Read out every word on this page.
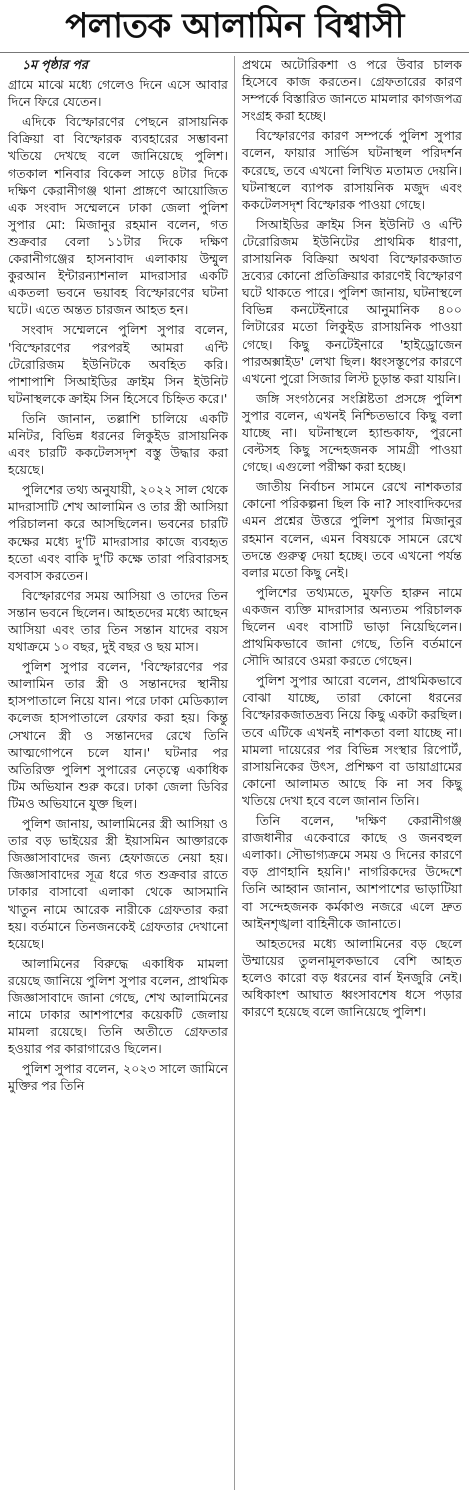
পলাতক আলামিন বিশ্বাসী

১ম পৃষ্ঠার পর

গ্রামে মাঝে মধ্যে গেলেও দিনে এসে আবার দিনে ফিরে যেতেন।

এদিকে বিস্ফোরণের পেছনে রাসায়নিক বিক্রিয়া বা বিস্ফোরক ব্যবহারের সম্ভাবনা খতিয়ে দেখছে বলে জানিয়েছে পুলিশ। গতকাল শনিবার বিকেল সাড়ে ৪টার দিকে দক্ষিণ কেরানীগঞ্জ থানা প্রাঙ্গণে আয়োজিত এক সংবাদ সম্মেলনে ঢাকা জেলা পুলিশ সুপার মো: মিজানুর রহমান বলেন, গত শুক্রবার বেলা ১১টার দিকে দক্ষিণ কেরানীগঞ্জের হাসনাবাদ এলাকায় উম্মুল কুরআন ইন্টারন্যাশনাল মাদরাসার একটি একতলা ভবনে ভয়াবহ বিস্ফোরণের ঘটনা ঘটে। এতে অন্তত চারজন আহত হন।

সংবাদ সম্মেলনে পুলিশ সুপার বলেন, 'বিস্ফোরণের পরপরই আমরা এন্টি টেরোরিজম ইউনিটকে অবহিত করি। পাশাপাশি সিআইডির ক্রাইম সিন ইউনিট ঘটনাস্থলকে ক্রাইম সিন হিসেবে চিহ্নিত করে।'

তিনি জানান, তল্লাশি চালিয়ে একটি মনিটর, বিভিন্ন ধরনের লিকুইড রাসায়নিক এবং চারটি ককটেলসদৃশ বস্তু উদ্ধার করা হয়েছে।

পুলিশের তথ্য অনুযায়ী, ২০২২ সাল থেকে মাদরাসাটি শেখ আলামিন ও তার স্ত্রী আসিয়া পরিচালনা করে আসছিলেন। ভবনের চারটি কক্ষের মধ্যে দু'টি মাদরাসার কাজে ব্যবহৃত হতো এবং বাকি দু'টি কক্ষে তারা পরিবারসহ বসবাস করতেন।

বিস্ফোরণের সময় আসিয়া ও তাদের তিন সন্তান ভবনে ছিলেন। আহতদের মধ্যে আছেন আসিয়া এবং তার তিন সন্তান যাদের বয়স যথাক্রমে ১০ বছর, দুই বছর ও ছয় মাস।

পুলিশ সুপার বলেন, 'বিস্ফোরণের পর আলামিন তার স্ত্রী ও সন্তানদের স্থানীয় হাসপাতালে নিয়ে যান। পরে ঢাকা মেডিক্যাল কলেজ হাসপাতালে রেফার করা হয়। কিন্তু সেখানে স্ত্রী ও সন্তানদের রেখে তিনি আত্মগোপনে চলে যান।' ঘটনার পর অতিরিক্ত পুলিশ সুপারের নেতৃত্বে একাধিক টিম অভিযান শুরু করে। ঢাকা জেলা ডিবির টিমও অভিযানে যুক্ত ছিল।

পুলিশ জানায়, আলামিনের স্ত্রী আসিয়া ও তার বড় ভাইয়ের স্ত্রী ইয়াসমিন আক্তারকে জিজ্ঞাসাবাদের জন্য হেফাজতে নেয়া হয়। জিজ্ঞাসাবাদের সূত্র ধরে গত শুক্রবার রাতে ঢাকার বাসাবো এলাকা থেকে আসমানি খাতুন নামে আরেক নারীকে গ্রেফতার করা হয়। বর্তমানে তিনজনকেই গ্রেফতার দেখানো হয়েছে।

আলামিনের বিরুদ্ধে একাধিক মামলা রয়েছে জানিয়ে পুলিশ সুপার বলেন, প্রাথমিক জিজ্ঞাসাবাদে জানা গেছে, শেখ আলামিনের নামে ঢাকার আশপাশের কয়েকটি জেলায় মামলা রয়েছে। তিনি অতীতে গ্রেফতার হওয়ার পর কারাগারেও ছিলেন।

পুলিশ সুপার বলেন, ২০২৩ সালে জামিনে মুক্তির পর তিনি

প্রথমে অটোরিকশা ও পরে উবার চালক হিসেবে কাজ করতেন। গ্রেফতারের কারণ সম্পর্কে বিস্তারিত জানতে মামলার কাগজপত্র সংগ্রহ করা হচ্ছে।

বিস্ফোরণের কারণ সম্পর্কে পুলিশ সুপার বলেন, ফায়ার সার্ভিস ঘটনাস্থল পরিদর্শন করেছে, তবে এখনো লিখিত মতামত দেয়নি। ঘটনাস্থলে ব্যাপক রাসায়নিক মজুদ এবং ককটেলসদৃশ বিস্ফোরক পাওয়া গেছে।

সিআইডির ক্রাইম সিন ইউনিট ও এন্টি টেরোরিজম ইউনিটের প্রাথমিক ধারণা, রাসায়নিক বিক্রিয়া অথবা বিস্ফোরকজাত দ্রব্যের কোনো প্রতিক্রিয়ার কারণেই বিস্ফোরণ ঘটে থাকতে পারে। পুলিশ জানায়, ঘটনাস্থলে বিভিন্ন কনটেইনারে আনুমানিক ৪০০ লিটারের মতো লিকুইড রাসায়নিক পাওয়া গেছে। কিছু কনটেইনারে 'হাইড্রোজেন পারঅক্সাইড' লেখা ছিল। ধ্বংসস্তূপের কারণে এখনো পুরো সিজার লিস্ট চূড়ান্ত করা যায়নি।

জঙ্গি সংগঠনের সংশ্লিষ্টতা প্রসঙ্গে পুলিশ সুপার বলেন, এখনই নিশ্চিতভাবে কিছু বলা যাচ্ছে না। ঘটনাস্থলে হ্যান্ডকাফ, পুরনো বেল্টসহ কিছু সন্দেহজনক সামগ্রী পাওয়া গেছে। এগুলো পরীক্ষা করা হচ্ছে।

জাতীয় নির্বাচন সামনে রেখে নাশকতার কোনো পরিকল্পনা ছিল কি না? সাংবাদিকদের এমন প্রশ্নের উত্তরে পুলিশ সুপার মিজানুর রহমান বলেন, এমন বিষয়কে সামনে রেখে তদন্তে গুরুত্ব দেয়া হচ্ছে। তবে এখনো পর্যন্ত বলার মতো কিছু নেই।

পুলিশের তথ্যমতে, মুফতি হারুন নামে একজন ব্যক্তি মাদরাসার অন্যতম পরিচালক ছিলেন এবং বাসাটি ভাড়া নিয়েছিলেন। প্রাথমিকভাবে জানা গেছে, তিনি বর্তমানে সৌদি আরবে ওমরা করতে গেছেন।

পুলিশ সুপার আরো বলেন, প্রাথমিকভাবে বোঝা যাচ্ছে, তারা কোনো ধরনের বিস্ফোরকজাতদ্রব্য নিয়ে কিছু একটা করছিল। তবে এটিকে এখনই নাশকতা বলা যাচ্ছে না। মামলা দায়েরের পর বিভিন্ন সংস্থার রিপোর্ট, রাসায়নিকের উৎস, প্রশিক্ষণ বা ডায়াগ্রামের কোনো আলামত আছে কি না সব কিছু খতিয়ে দেখা হবে বলে জানান তিনি।

তিনি বলেন, 'দক্ষিণ কেরানীগঞ্জ রাজধানীর একেবারে কাছে ও জনবহুল এলাকা। সৌভাগ্যক্রমে সময় ও দিনের কারণে বড় প্রাণহানি হয়নি।' নাগরিকদের উদ্দেশে তিনি আহ্বান জানান, আশপাশের ভাড়াটিয়া বা সন্দেহজনক কর্মকাণ্ড নজরে এলে দ্রুত আইনশৃঙ্খলা বাহিনীকে জানাতে।

আহতদের মধ্যে আলামিনের বড় ছেলে উম্মায়ের তুলনামূলকভাবে বেশি আহত হলেও কারো বড় ধরনের বার্ন ইনজুরি নেই। অধিকাংশ আঘাত ধ্বংসাবশেষ ধসে পড়ার কারণে হয়েছে বলে জানিয়েছে পুলিশ।
